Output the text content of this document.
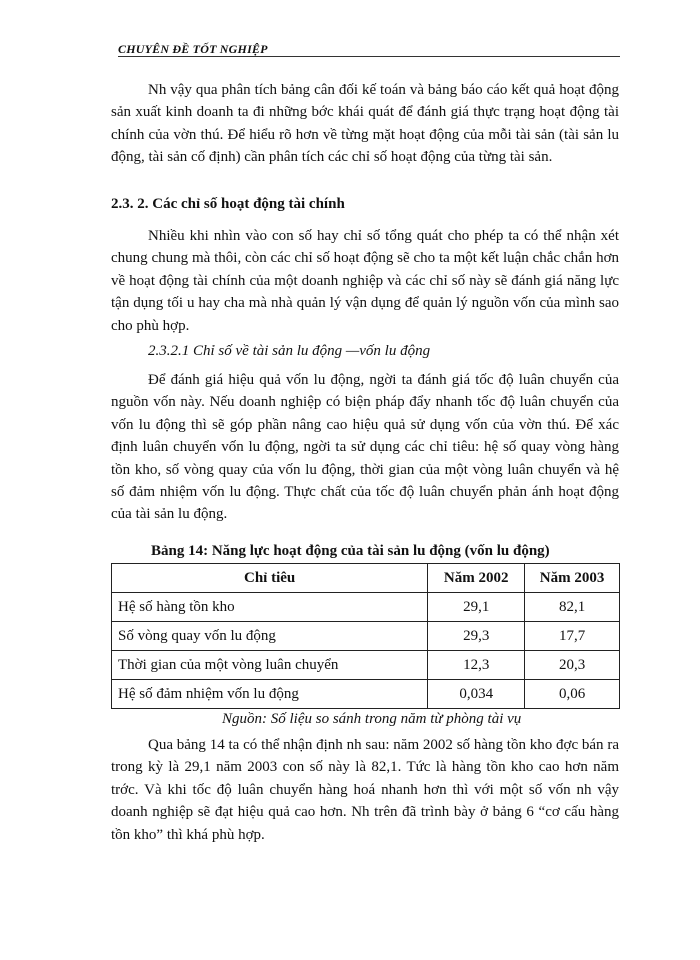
CHUYÊN ĐỀ TỐT NGHIỆP

Nh vậy qua phân tích bảng cân đối kế toán và bảng báo cáo kết quả hoạt động sản xuất kinh doanh ta đi những bớc khái quát để đánh giá thực trạng hoạt động tài chính của vờn thú. Để hiểu rõ hơn về từng mặt hoạt động của mỗi tài sản (tài sản lu động, tài sản cố định) cần phân tích các chỉ số hoạt động của từng tài sản.

2.3. 2. Các chỉ số hoạt động tài chính

Nhiều khi nhìn vào con số hay chỉ số tổng quát cho phép ta có thể nhận xét chung chung mà thôi, còn các chỉ số hoạt động sẽ cho ta một kết luận chắc chắn hơn về hoạt động tài chính của một doanh nghiệp và các chỉ số này sẽ đánh giá năng lực tận dụng tối u hay cha mà nhà quản lý vận dụng để quản lý nguồn vốn của mình sao cho phù hợp.

2.3.2.1 Chỉ số về tài sản lu động —vốn lu động

Để đánh giá hiệu quả vốn lu động, ngời ta đánh giá tốc độ luân chuyển của nguồn vốn này. Nếu doanh nghiệp có biện pháp đẩy nhanh tốc độ luân chuyển của vốn lu động thì sẽ góp phần nâng cao hiệu quả sử dụng vốn của vờn thú. Để xác định luân chuyển vốn lu động, ngời ta sử dụng các chỉ tiêu: hệ số quay vòng hàng tồn kho, số vòng quay của vốn lu động, thời gian của một vòng luân chuyển và hệ số đảm nhiệm vốn lu động. Thực chất của tốc độ luân chuyển phản ánh hoạt động của tài sản lu động.

Bảng 14: Năng lực hoạt động của tài sản lu động (vốn lu động)

Chỉ tiêu	Năm 2002	Năm 2003
Hệ số hàng tồn kho	29,1	82,1
Số vòng quay vốn lu động	29,3	17,7
Thời gian của một vòng luân chuyển	12,3	20,3
Hệ số đảm nhiệm vốn lu động	0,034	0,06

Nguồn: Số liệu so sánh trong năm từ phòng tài vụ

Qua bảng 14 ta có thể nhận định nh sau: năm 2002 số hàng tồn kho đợc bán ra trong kỳ là 29,1 năm 2003 con số này là 82,1. Tức là hàng tồn kho cao hơn năm trớc. Và khi tốc độ luân chuyển hàng hoá nhanh hơn thì với một số vốn nh vậy doanh nghiệp sẽ đạt hiệu quả cao hơn. Nh trên đã trình bày ở bảng 6 “cơ cấu hàng tồn kho” thì khá phù hợp.
